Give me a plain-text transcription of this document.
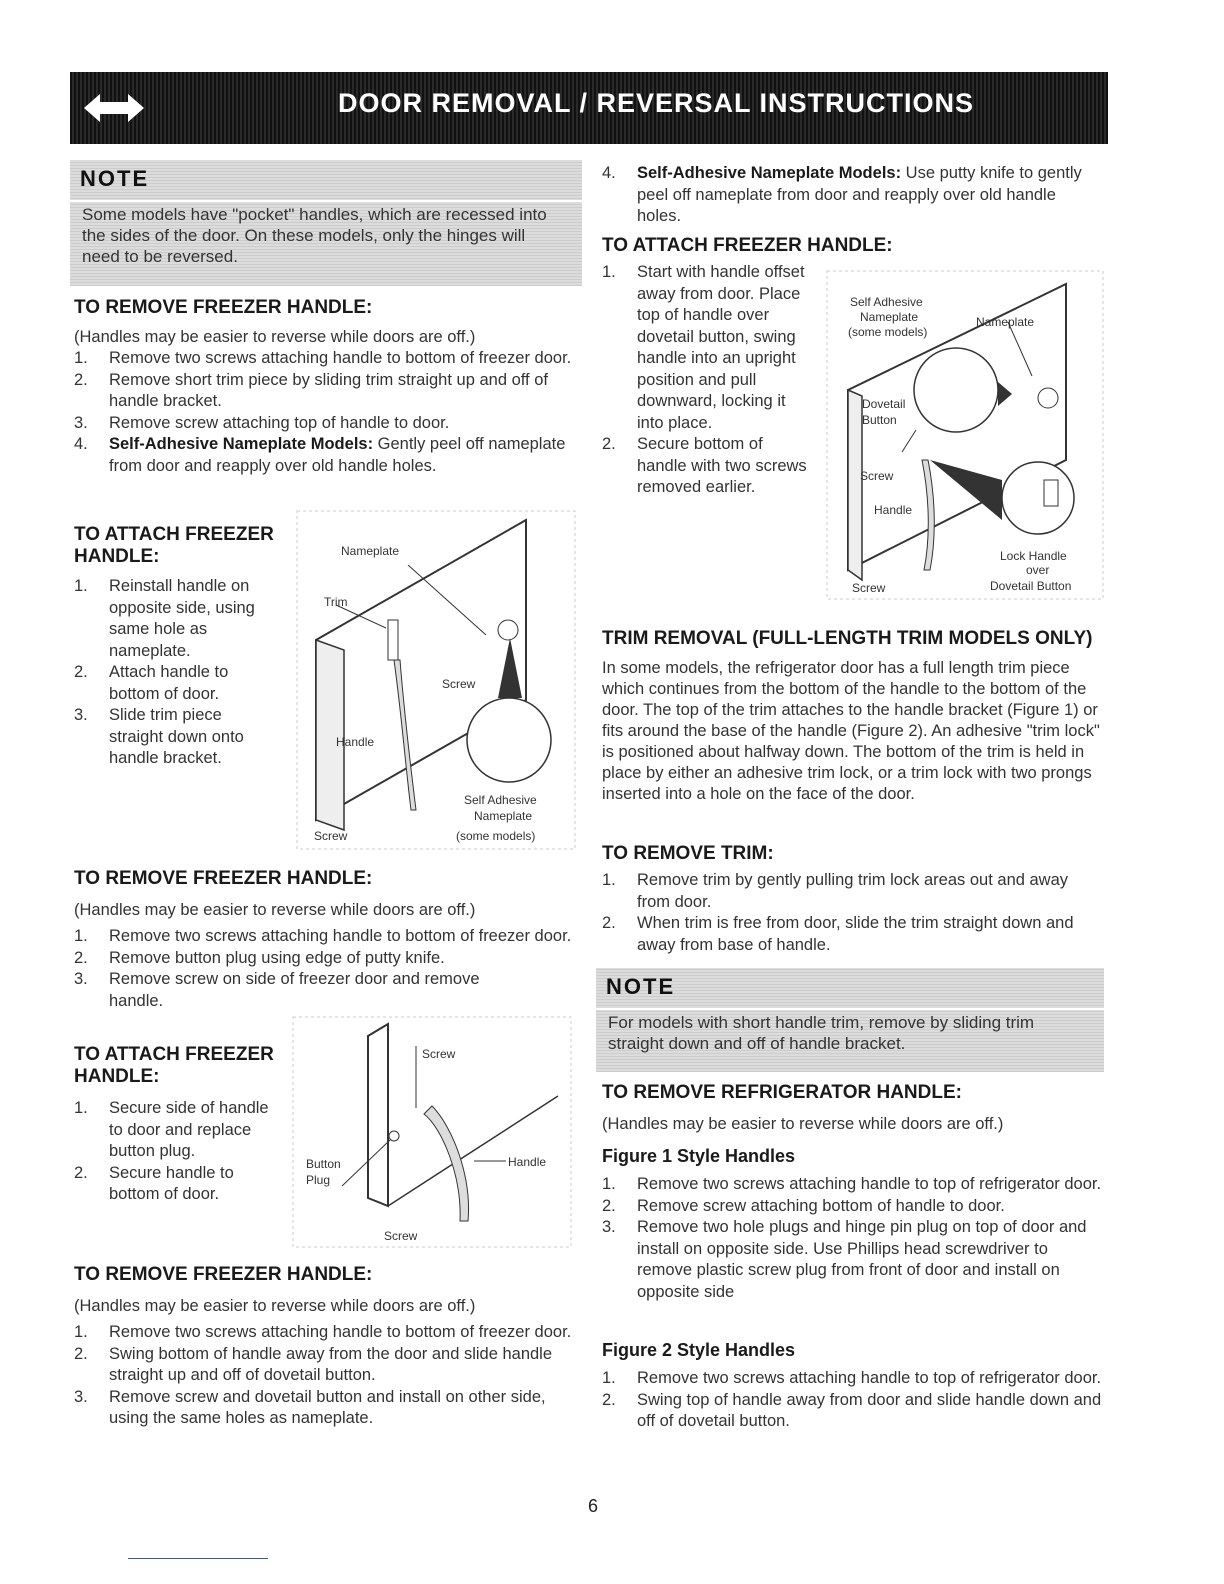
DOOR REMOVAL / REVERSAL INSTRUCTIONS
NOTE
Some models have "pocket" handles, which are recessed into the sides of the door. On these models, only the hinges will need to be reversed.
TO REMOVE FREEZER HANDLE:

(Handles may be easier to reverse while doors are off.)

1. Remove two screws attaching handle to bottom of freezer door.
2. Remove short trim piece by sliding trim straight up and off of handle bracket.
3. Remove screw attaching top of handle to door.
4. Self-Adhesive Nameplate Models: Gently peel off nameplate from door and reapply over old handle holes.
TO ATTACH FREEZER HANDLE:
1. Reinstall handle on opposite side, using same hole as nameplate.
2. Attach handle to bottom of door.
3. Slide trim piece straight down onto handle bracket.
Nameplate
Trim
Screw
Handle
Self Adhesive
Nameplate
(some models)
Screw
TO REMOVE FREEZER HANDLE:

(Handles may be easier to reverse while doors are off.)

1. Remove two screws attaching handle to bottom of freezer door.
2. Remove button plug using edge of putty knife.
3. Remove screw on side of freezer door and remove handle.
TO ATTACH FREEZER HANDLE:
1. Secure side of handle to door and replace button plug.
2. Secure handle to bottom of door.
Screw
Handle
Button
Plug
Screw
TO REMOVE FREEZER HANDLE:

(Handles may be easier to reverse while doors are off.)

1. Remove two screws attaching handle to bottom of freezer door.
2. Swing bottom of handle away from the door and slide handle straight up and off of dovetail button.
3. Remove screw and dovetail button and install on other side, using the same holes as nameplate.
4. Self-Adhesive Nameplate Models: Use putty knife to gently peel off nameplate from door and reapply over old handle holes.
TO ATTACH FREEZER HANDLE:
1. Start with handle offset away from door. Place top of handle over dovetail button, swing handle into an upright position and pull downward, locking it into place.
2. Secure bottom of handle with two screws removed earlier.
Self Adhesive
Nameplate
(some models)
Nameplate
Dovetail
Button
Screw
Handle
Lock Handle
over
Dovetail Button
Screw
TRIM REMOVAL (FULL-LENGTH TRIM MODELS ONLY)

In some models, the refrigerator door has a full length trim piece which continues from the bottom of the handle to the bottom of the door. The top of the trim attaches to the handle bracket (Figure 1) or fits around the base of the handle (Figure 2). An adhesive "trim lock" is positioned about halfway down. The bottom of the trim is held in place by either an adhesive trim lock, or a trim lock with two prongs inserted into a hole on the face of the door.

TO REMOVE TRIM:
1. Remove trim by gently pulling trim lock areas out and away from door.
2. When trim is free from door, slide the trim straight down and away from base of handle.
NOTE
For models with short handle trim, remove by sliding trim straight down and off of handle bracket.
TO REMOVE REFRIGERATOR HANDLE:

(Handles may be easier to reverse while doors are off.)

Figure 1 Style Handles
1. Remove two screws attaching handle to top of refrigerator door.
2. Remove screw attaching bottom of handle to door.
3. Remove two hole plugs and hinge pin plug on top of door and install on opposite side. Use Phillips head screwdriver to remove plastic screw plug from front of door and install on opposite side
Figure 2 Style Handles
1. Remove two screws attaching handle to top of refrigerator door.
2. Swing top of handle away from door and slide handle down and off of dovetail button.
6
